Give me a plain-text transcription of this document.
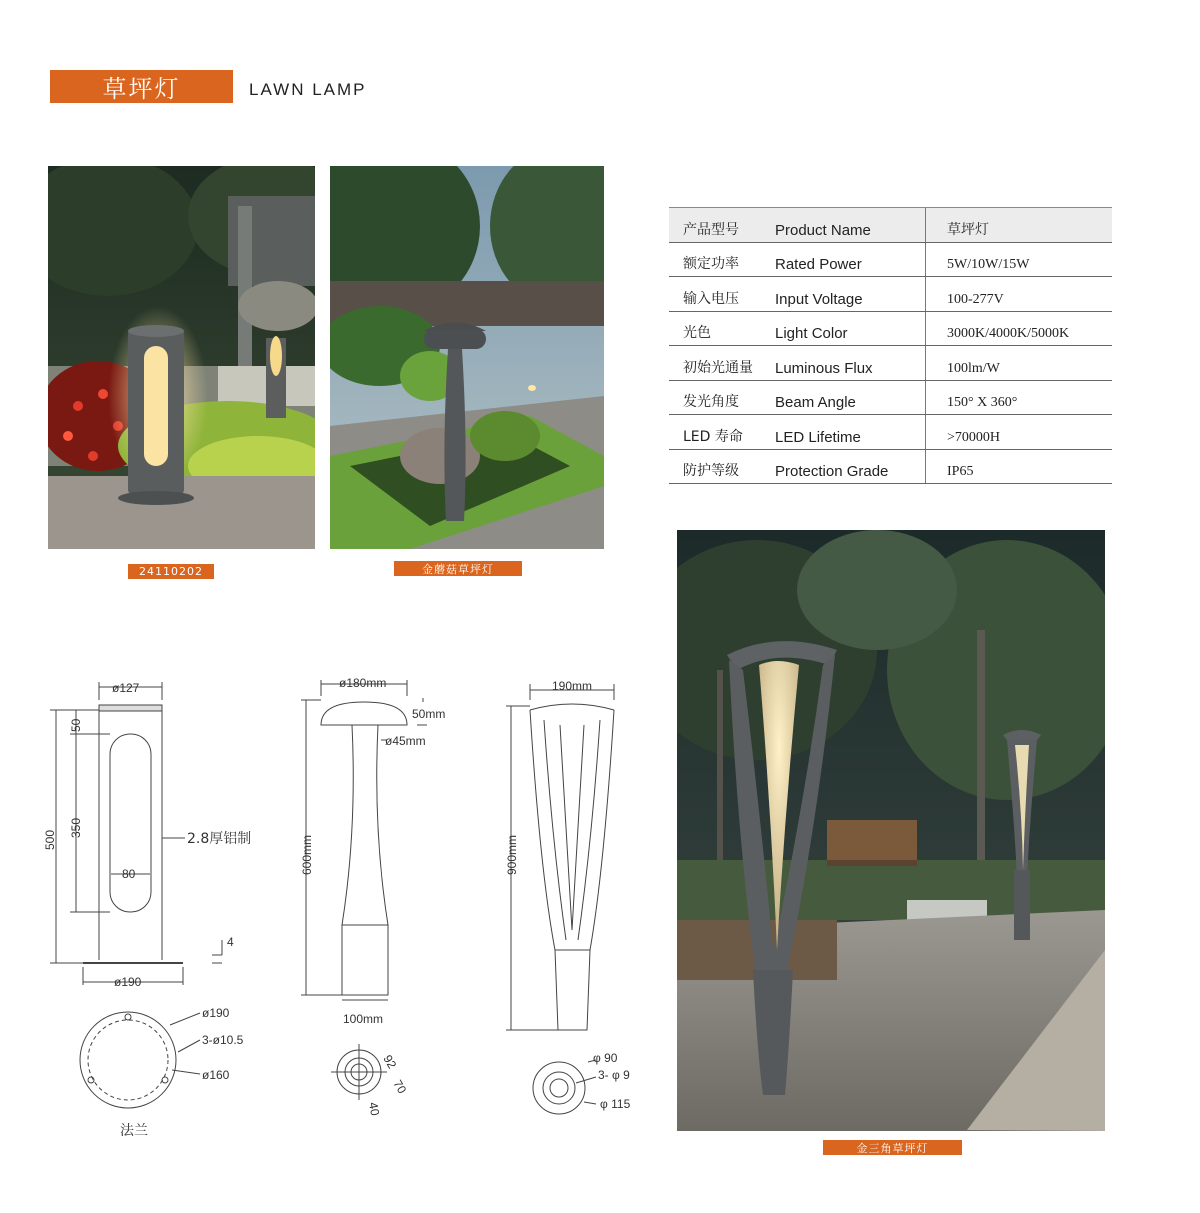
草坪灯	LAWN LAMP
24110202	金蘑菇草坪灯
产品型号	Product Name	草坪灯
额定功率	Rated Power	5W/10W/15W
输入电压	Input Voltage	100-277V
光色	Light Color	3000K/4000K/5000K
初始光通量	Luminous Flux	100lm/W
发光角度	Beam Angle	150° X 360°
LED 寿命	LED Lifetime	>70000H
防护等级	Protection Grade	IP65
金三角草坪灯
ø127
500
50
350
80
2.8厚铝制
4
ø190
ø190
3-ø10.5
ø160
法兰
ø180mm
50mm
ø45mm
600mm
100mm
92
70
40
190mm
900mm
φ 90
3- φ 9
φ 115
